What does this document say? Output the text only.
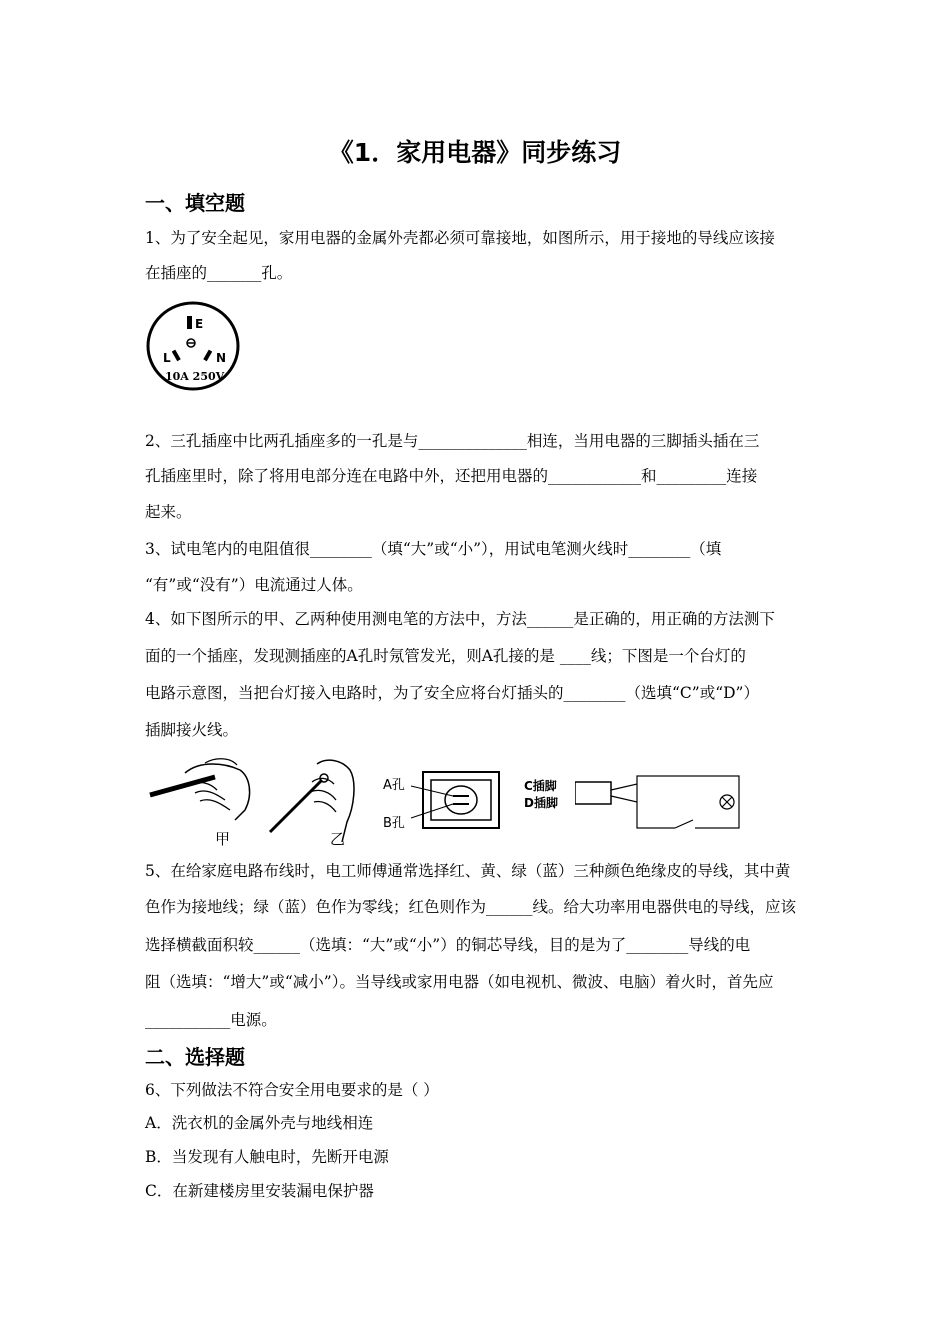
《1．家用电器》同步练习
一、填空题
1、为了安全起见，家用电器的金属外壳都必须可靠接地，如图所示，用于接地的导线应该接
在插座的_______孔。
E
L	N
10A 250V
2、三孔插座中比两孔插座多的一孔是与______________相连，当用电器的三脚插头插在三
孔插座里时，除了将用电部分连在电路中外，还把用电器的____________和_________连接
起来。
3、试电笔内的电阻值很________（填“大”或“小”），用试电笔测火线时________（填
“有”或“没有”）电流通过人体。
4、如下图所示的甲、乙两种使用测电笔的方法中，方法______是正确的，用正确的方法测下
面的一个插座，发现测插座的A孔时氖管发光，则A孔接的是 ____线；下图是一个台灯的
电路示意图，当把台灯接入电路时，为了安全应将台灯插头的________（选填“C”或“D”）
插脚接火线。
甲	乙
A孔
B孔
C插脚
D插脚
5、在给家庭电路布线时，电工师傅通常选择红、黄、绿（蓝）三种颜色绝缘皮的导线，其中黄
色作为接地线；绿（蓝）色作为零线；红色则作为______线。给大功率用电器供电的导线，应该
选择横截面积较______（选填：“大”或“小”）的铜芯导线，目的是为了________导线的电
阻（选填：“增大”或“减小”）。当导线或家用电器（如电视机、微波、电脑）着火时，首先应
___________电源。
二、选择题
6、下列做法不符合安全用电要求的是（ ）
A．洗衣机的金属外壳与地线相连
B．当发现有人触电时，先断开电源
C．在新建楼房里安装漏电保护器
